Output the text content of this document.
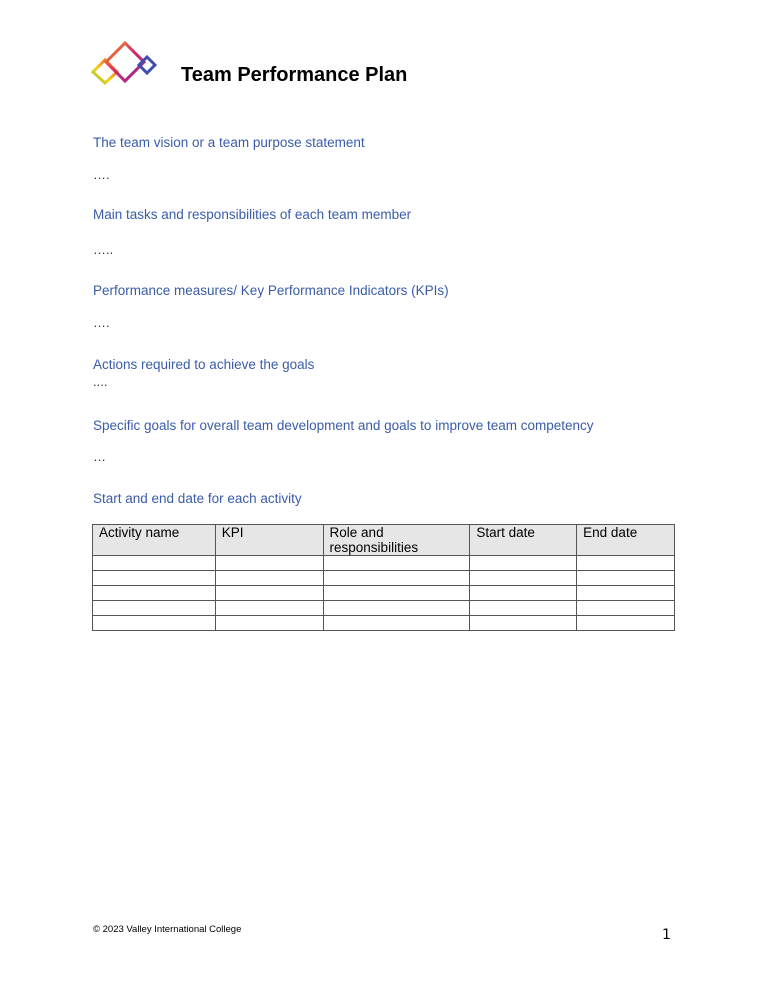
Team Performance Plan
The team vision or a team purpose statement
….
Main tasks and responsibilities of each team member
…..
Performance measures/ Key Performance Indicators (KPIs)
….
Actions required to achieve the goals
....
Specific goals for overall team development and goals to improve team competency
…
Start and end date for each activity
Activity name	KPI	Role and responsibilities	Start date	End date

© 2023 Valley International College	1
